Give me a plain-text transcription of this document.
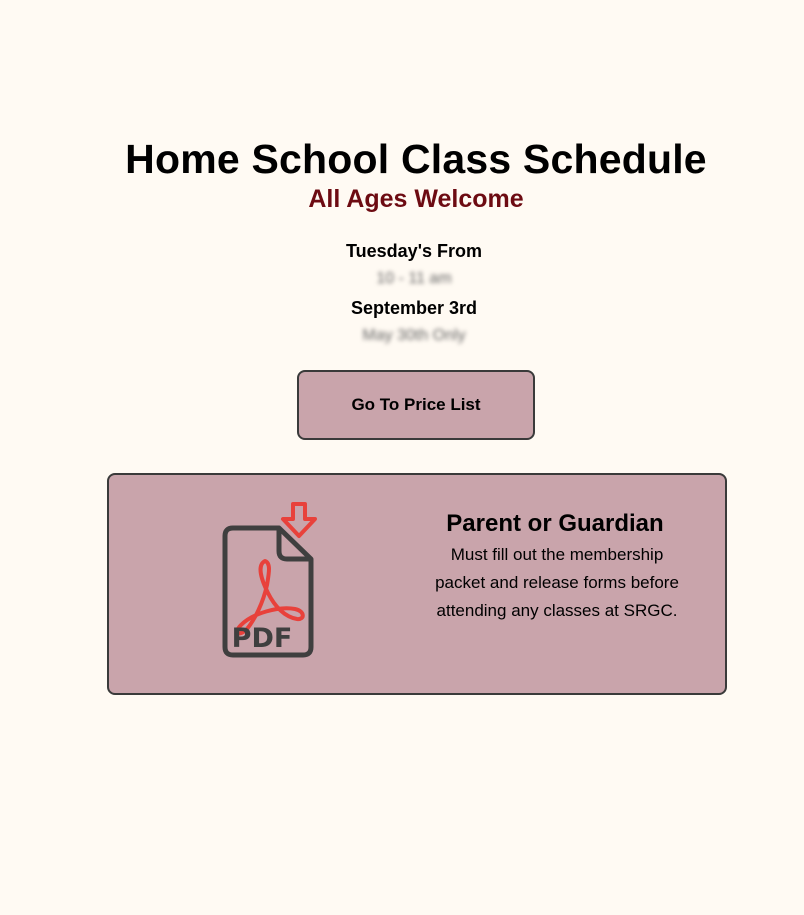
Home School Class Schedule
All Ages Welcome

Tuesday's From

10 - 11 am

September 3rd

May 30th Only

Go To Price List
PDF
Parent or Guardian

Must fill out the membership packet and release forms before attending any classes at SRGC.
